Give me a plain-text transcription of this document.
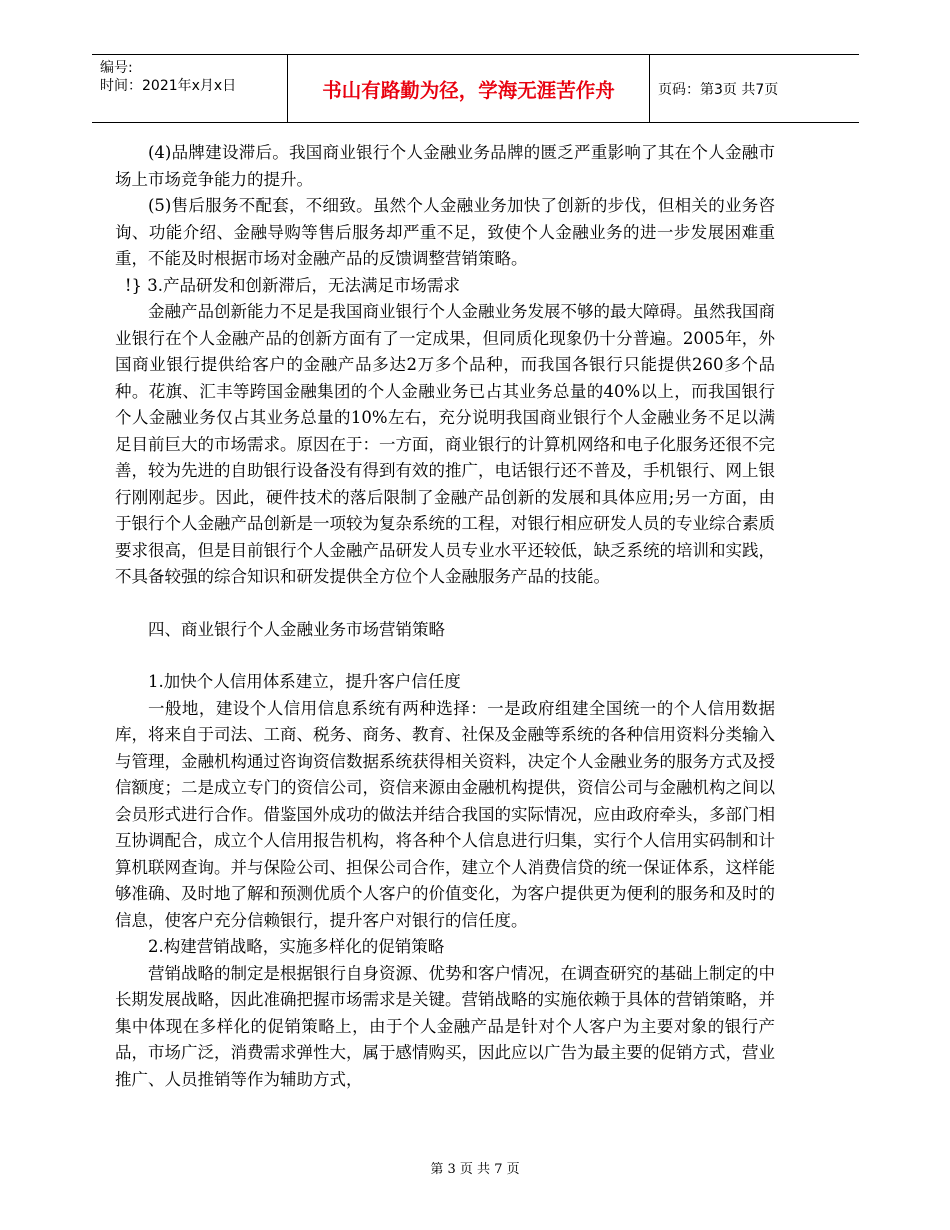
编号:
时间：2021年x月x日	书山有路勤为径，学海无涯苦作舟	页码：第3页 共7页

(4)品牌建设滞后。我国商业银行个人金融业务品牌的匮乏严重影响了其在个人金融市场上市场竞争能力的提升。

(5)售后服务不配套，不细致。虽然个人金融业务加快了创新的步伐，但相关的业务咨询、功能介绍、金融导购等售后服务却严重不足，致使个人金融业务的进一步发展困难重重，不能及时根据市场对金融产品的反馈调整营销策略。

!} 3.产品研发和创新滞后，无法满足市场需求

金融产品创新能力不足是我国商业银行个人金融业务发展不够的最大障碍。虽然我国商业银行在个人金融产品的创新方面有了一定成果，但同质化现象仍十分普遍。2005年，外国商业银行提供给客户的金融产品多达2万多个品种，而我国各银行只能提供260多个品种。花旗、汇丰等跨国金融集团的个人金融业务已占其业务总量的40%以上，而我国银行个人金融业务仅占其业务总量的10%左右，充分说明我国商业银行个人金融业务不足以满足目前巨大的市场需求。原因在于：一方面，商业银行的计算机网络和电子化服务还很不完善，较为先进的自助银行设备没有得到有效的推广，电话银行还不普及，手机银行、网上银行刚刚起步。因此，硬件技术的落后限制了金融产品创新的发展和具体应用;另一方面，由于银行个人金融产品创新是一项较为复杂系统的工程，对银行相应研发人员的专业综合素质要求很高，但是目前银行个人金融产品研发人员专业水平还较低，缺乏系统的培训和实践，不具备较强的综合知识和研发提供全方位个人金融服务产品的技能。

四、商业银行个人金融业务市场营销策略

1.加快个人信用体系建立，提升客户信任度

一般地，建设个人信用信息系统有两种选择：一是政府组建全国统一的个人信用数据库，将来自于司法、工商、税务、商务、教育、社保及金融等系统的各种信用资料分类输入与管理，金融机构通过咨询资信数据系统获得相关资料，决定个人金融业务的服务方式及授信额度；二是成立专门的资信公司，资信来源由金融机构提供，资信公司与金融机构之间以会员形式进行合作。借鉴国外成功的做法并结合我国的实际情况，应由政府牵头，多部门相互协调配合，成立个人信用报告机构，将各种个人信息进行归集，实行个人信用实码制和计算机联网查询。并与保险公司、担保公司合作，建立个人消费信贷的统一保证体系，这样能够准确、及时地了解和预测优质个人客户的价值变化，为客户提供更为便利的服务和及时的信息，使客户充分信赖银行，提升客户对银行的信任度。

2.构建营销战略，实施多样化的促销策略

营销战略的制定是根据银行自身资源、优势和客户情况，在调查研究的基础上制定的中长期发展战略，因此准确把握市场需求是关键。营销战略的实施依赖于具体的营销策略，并集中体现在多样化的促销策略上，由于个人金融产品是针对个人客户为主要对象的银行产品，市场广泛，消费需求弹性大，属于感情购买，因此应以广告为最主要的促销方式，营业推广、人员推销等作为辅助方式，

第 3 页 共 7 页
